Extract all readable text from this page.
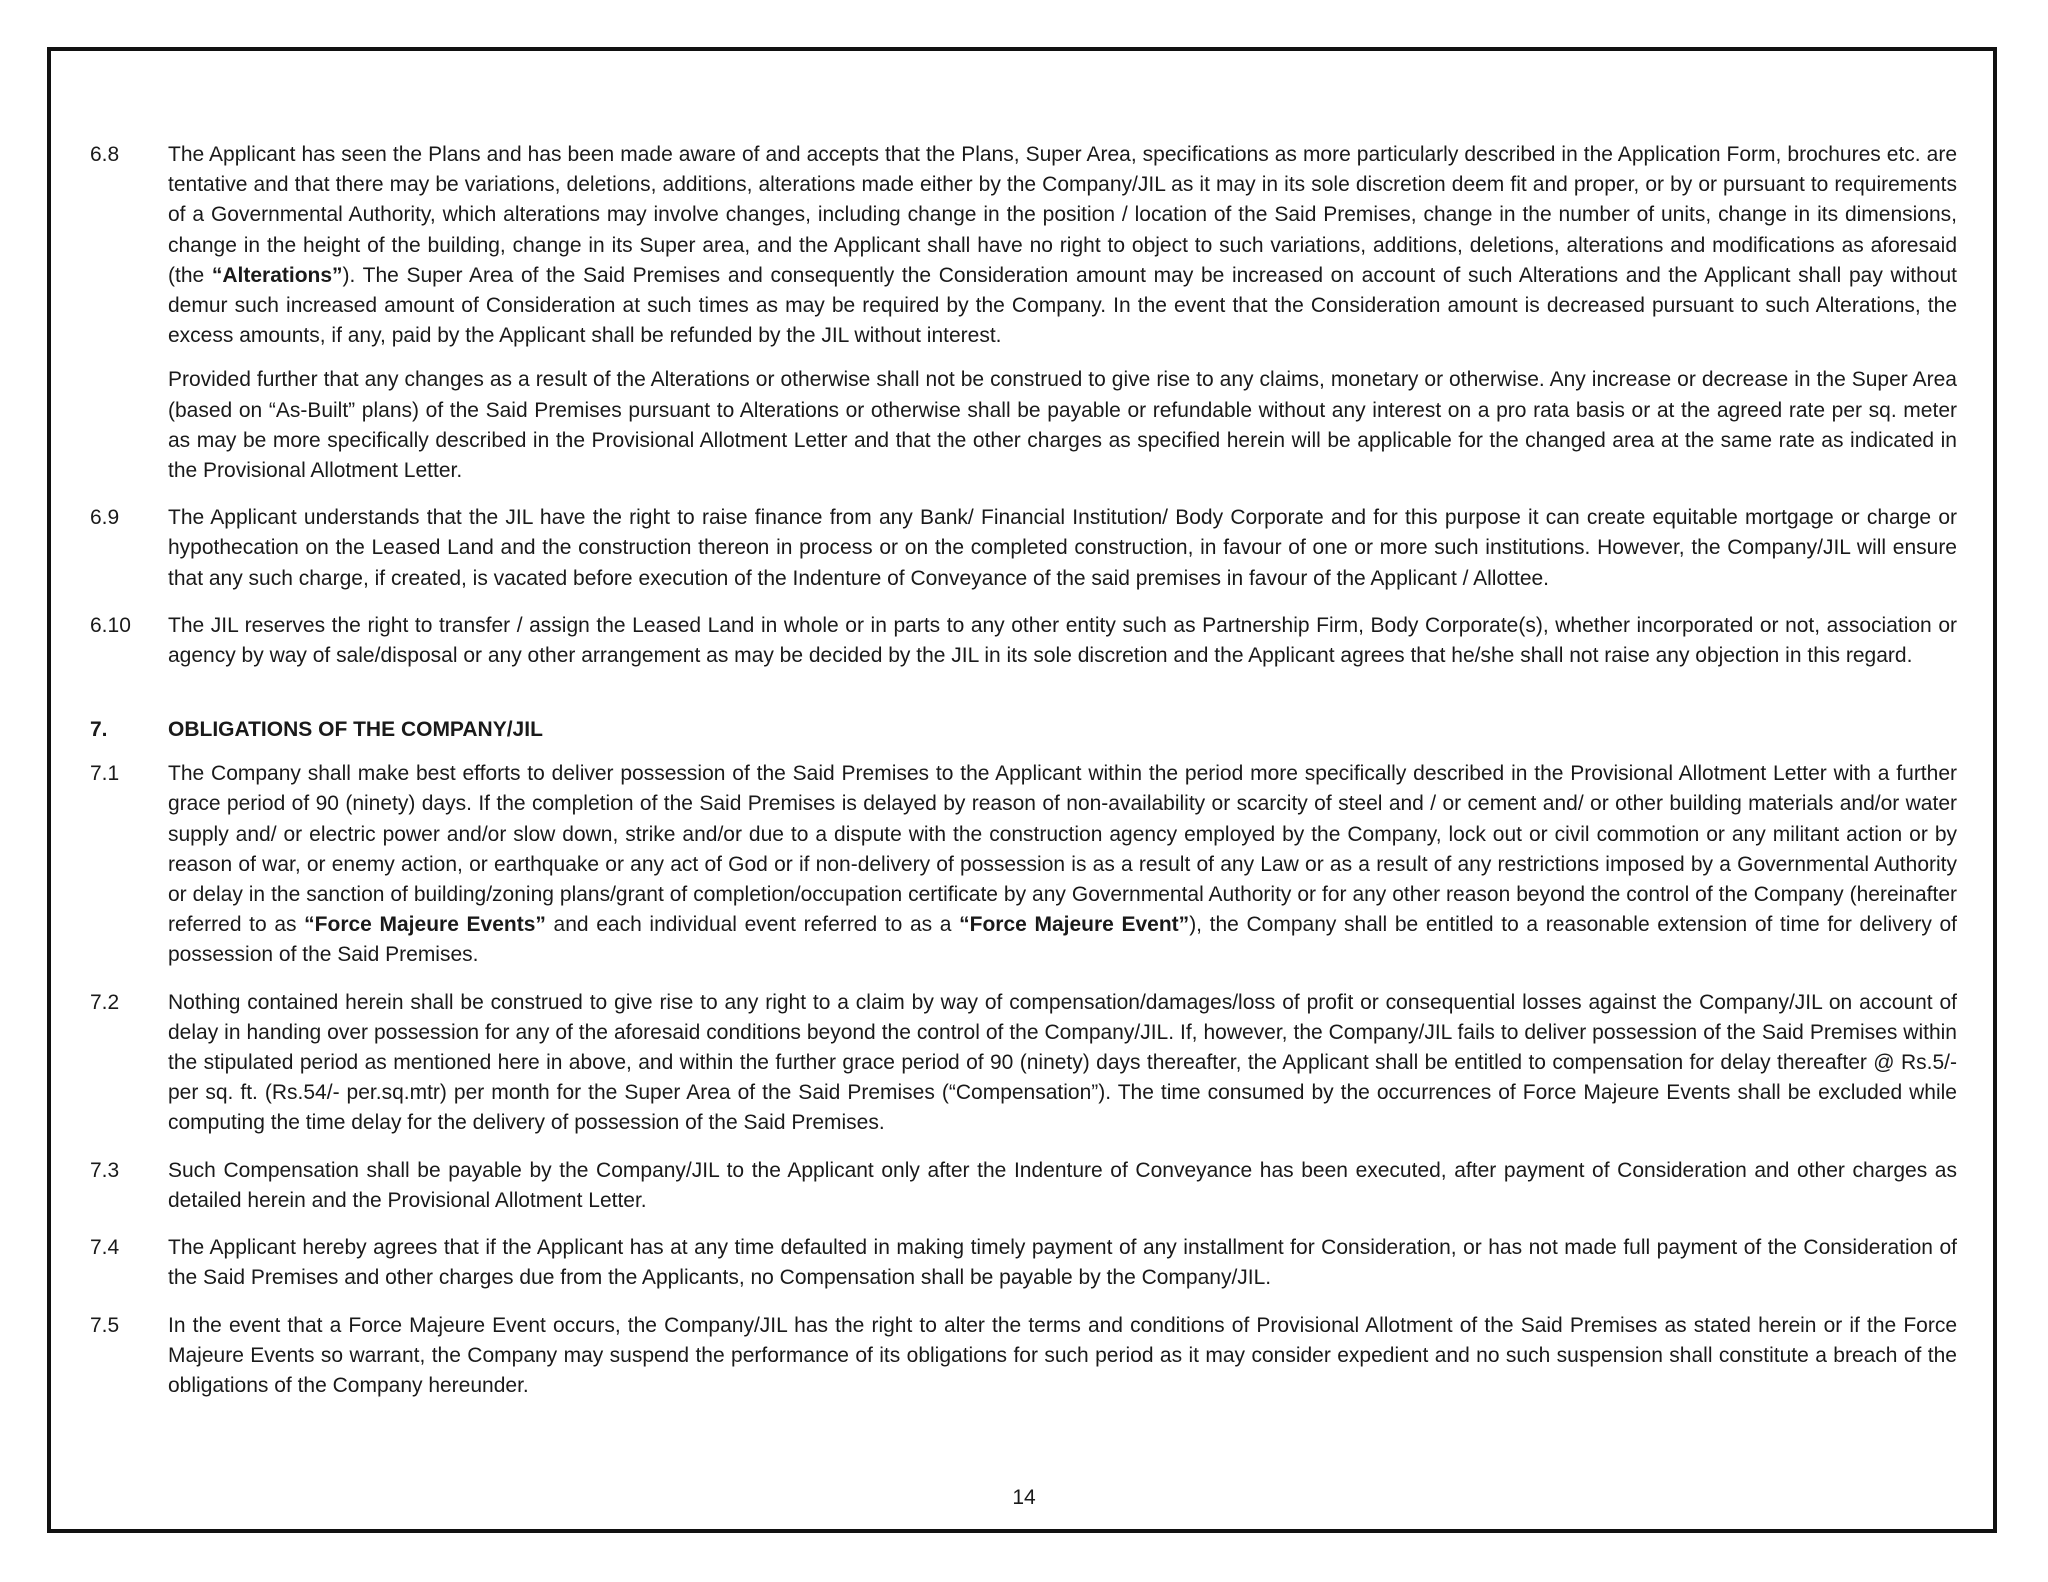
6.8 The Applicant has seen the Plans and has been made aware of and accepts that the Plans, Super Area, specifications as more particularly described in the Application Form, brochures etc. are tentative and that there may be variations, deletions, additions, alterations made either by the Company/JIL as it may in its sole discretion deem fit and proper, or by or pursuant to requirements of a Governmental Authority, which alterations may involve changes, including change in the position / location of the Said Premises, change in the number of units, change in its dimensions, change in the height of the building, change in its Super area, and the Applicant shall have no right to object to such variations, additions, deletions, alterations and modifications as aforesaid (the “Alterations”). The Super Area of the Said Premises and consequently the Consideration amount may be increased on account of such Alterations and the Applicant shall pay without demur such increased amount of Consideration at such times as may be required by the Company. In the event that the Consideration amount is decreased pursuant to such Alterations, the excess amounts, if any, paid by the Applicant shall be refunded by the JIL without interest.

Provided further that any changes as a result of the Alterations or otherwise shall not be construed to give rise to any claims, monetary or otherwise. Any increase or decrease in the Super Area (based on “As-Built” plans) of the Said Premises pursuant to Alterations or otherwise shall be payable or refundable without any interest on a pro rata basis or at the agreed rate per sq. meter as may be more specifically described in the Provisional Allotment Letter and that the other charges as specified herein will be applicable for the changed area at the same rate as indicated in the Provisional Allotment Letter.

6.9 The Applicant understands that the JIL have the right to raise finance from any Bank/ Financial Institution/ Body Corporate and for this purpose it can create equitable mortgage or charge or hypothecation on the Leased Land and the construction thereon in process or on the completed construction, in favour of one or more such institutions. However, the Company/JIL will ensure that any such charge, if created, is vacated before execution of the Indenture of Conveyance of the said premises in favour of the Applicant / Allottee.

6.10 The JIL reserves the right to transfer / assign the Leased Land in whole or in parts to any other entity such as Partnership Firm, Body Corporate(s), whether incorporated or not, association or agency by way of sale/disposal or any other arrangement as may be decided by the JIL in its sole discretion and the Applicant agrees that he/she shall not raise any objection in this regard.

7.	OBLIGATIONS OF THE COMPANY/JIL
7.1 The Company shall make best efforts to deliver possession of the Said Premises to the Applicant within the period more specifically described in the Provisional Allotment Letter with a further grace period of 90 (ninety) days. If the completion of the Said Premises is delayed by reason of non-availability or scarcity of steel and / or cement and/ or other building materials and/or water supply and/ or electric power and/or slow down, strike and/or due to a dispute with the construction agency employed by the Company, lock out or civil commotion or any militant action or by reason of war, or enemy action, or earthquake or any act of God or if non-delivery of possession is as a result of any Law or as a result of any restrictions imposed by a Governmental Authority or delay in the sanction of building/zoning plans/grant of completion/occupation certificate by any Governmental Authority or for any other reason beyond the control of the Company (hereinafter referred to as “Force Majeure Events” and each individual event referred to as a “Force Majeure Event”), the Company shall be entitled to a reasonable extension of time for delivery of possession of the Said Premises.

7.2 Nothing contained herein shall be construed to give rise to any right to a claim by way of compensation/damages/loss of profit or consequential losses against the Company/JIL on account of delay in handing over possession for any of the aforesaid conditions beyond the control of the Company/JIL. If, however, the Company/JIL fails to deliver possession of the Said Premises within the stipulated period as mentioned here in above, and within the further grace period of 90 (ninety) days thereafter, the Applicant shall be entitled to compensation for delay thereafter @ Rs.5/- per sq. ft. (Rs.54/- per.sq.mtr) per month for the Super Area of the Said Premises (“Compensation”). The time consumed by the occurrences of Force Majeure Events shall be excluded while computing the time delay for the delivery of possession of the Said Premises.

7.3 Such Compensation shall be payable by the Company/JIL to the Applicant only after the Indenture of Conveyance has been executed, after payment of Consideration and other charges as detailed herein and the Provisional Allotment Letter.

7.4 The Applicant hereby agrees that if the Applicant has at any time defaulted in making timely payment of any installment for Consideration, or has not made full payment of the Consideration of the Said Premises and other charges due from the Applicants, no Compensation shall be payable by the Company/JIL.

7.5 In the event that a Force Majeure Event occurs, the Company/JIL has the right to alter the terms and conditions of Provisional Allotment of the Said Premises as stated herein or if the Force Majeure Events so warrant, the Company may suspend the performance of its obligations for such period as it may consider expedient and no such suspension shall constitute a breach of the obligations of the Company hereunder.

14
